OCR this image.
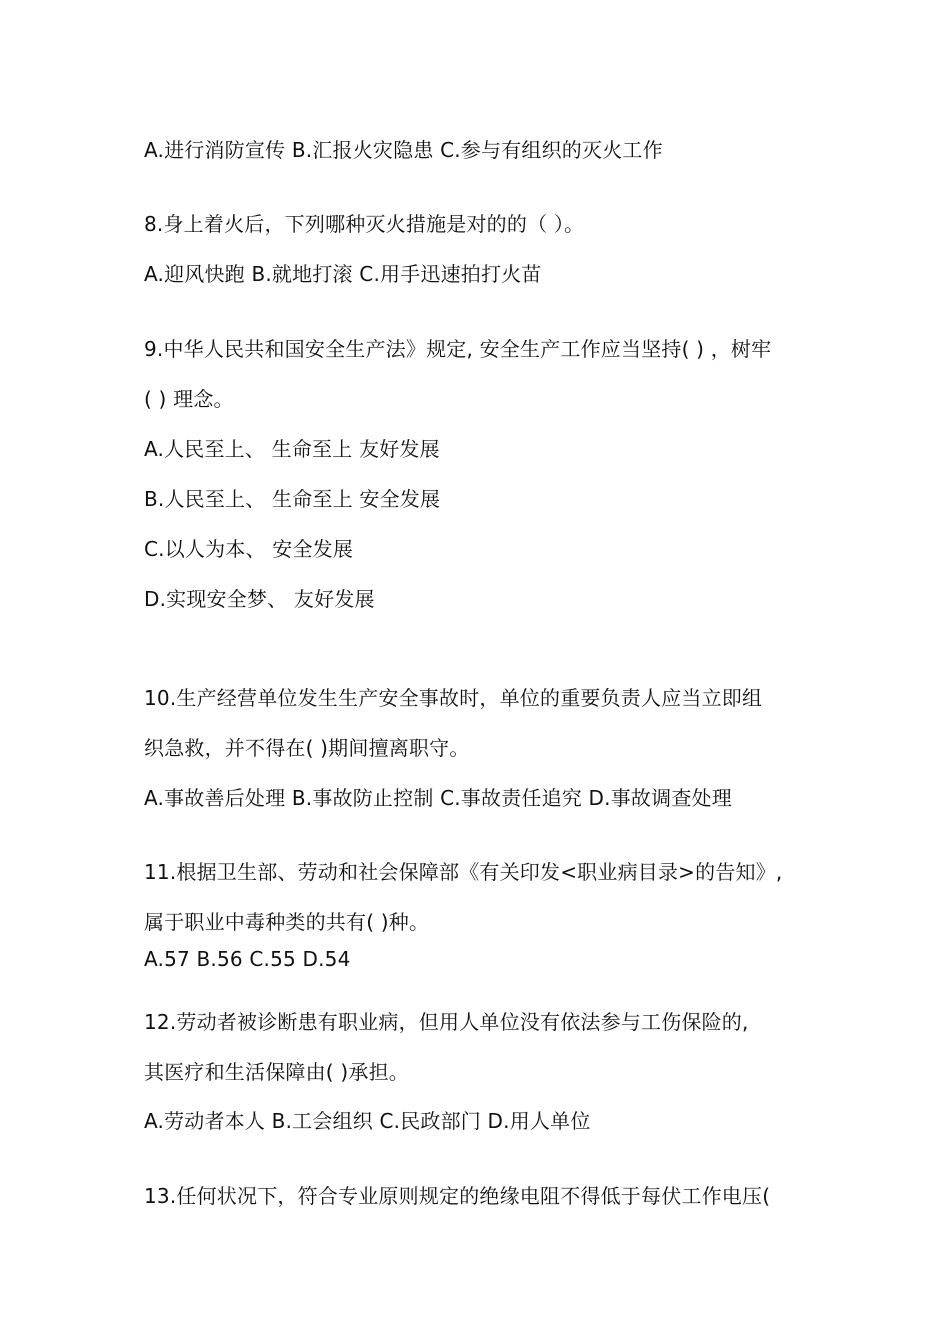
A.进行消防宣传 B.汇报火灾隐患 C.参与有组织的灭火工作
8.身上着火后，下列哪种灭火措施是对的的（ ）。
A.迎风快跑 B.就地打滚 C.用手迅速拍打火苗
9.中华人民共和国安全生产法》规定, 安全生产工作应当坚持( ) ，树牢
( ) 理念。
A.人民至上、 生命至上 友好发展
B.人民至上、 生命至上 安全发展
C.以人为本、 安全发展
D.实现安全梦、 友好发展
10.生产经营单位发生生产安全事故时，单位的重要负责人应当立即组
织急救，并不得在( )期间擅离职守。
A.事故善后处理 B.事故防止控制 C.事故责任追究 D.事故调查处理
11.根据卫生部、劳动和社会保障部《有关印发<职业病目录>的告知》,
属于职业中毒种类的共有( )种。
A.57 B.56 C.55 D.54
12.劳动者被诊断患有职业病，但用人单位没有依法参与工伤保险的,
其医疗和生活保障由( )承担。
A.劳动者本人 B.工会组织 C.民政部门 D.用人单位
13.任何状况下，符合专业原则规定的绝缘电阻不得低于每伏工作电压(
